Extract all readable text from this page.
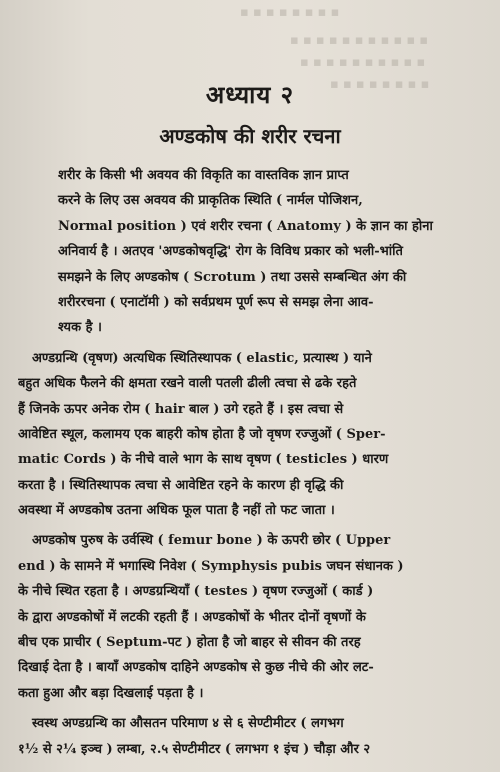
▪ ▪ ▪ ▪ ▪ ▪ ▪ ▪
▪ ▪ ▪ ▪ ▪ ▪ ▪ ▪ ▪ ▪ ▪
▪ ▪ ▪ ▪ ▪ ▪ ▪ ▪ ▪ ▪
▪ ▪ ▪ ▪ ▪ ▪ ▪ ▪
अध्याय २
अण्डकोष की शरीर रचना

शरीर के किसी भी अवयव की विकृति का वास्तविक ज्ञान प्राप्त
करने के लिए उस अवयव की प्राकृतिक स्थिति ( नार्मल पोजिशन,
Normal position ) एवं शरीर रचना ( Anatomy ) के ज्ञान का होना
अनिवार्य है । अतएव 'अण्डकोषवृद्धि' रोग के विविध प्रकार को भली-भांति
समझने के लिए अण्डकोष ( Scrotum ) तथा उससे सम्बन्धित अंग की
शरीररचना ( एनाटॉमी ) को सर्वप्रथम पूर्ण रूप से समझ लेना आव-
श्यक है ।

अण्डग्रन्थि (वृषण) अत्यधिक स्थितिस्थापक ( elastic, प्रत्यास्थ ) याने
बहुत अधिक फैलने की क्षमता रखने वाली पतली ढीली त्वचा से ढके रहते
हैं जिनके ऊपर अनेक रोम ( hair बाल ) उगे रहते हैं । इस त्वचा से
आवेष्टित स्थूल, कलामय एक बाहरी कोष होता है जो वृषण रज्जुओं ( Sper-
matic Cords ) के नीचे वाले भाग के साथ वृषण ( testicles ) धारण
करता है । स्थितिस्थापक त्वचा से आवेष्टित रहने के कारण ही वृद्धि की
अवस्था में अण्डकोष उतना अधिक फूल पाता है नहीं तो फट जाता ।

अण्डकोष पुरुष के उर्वस्थि ( femur bone ) के ऊपरी छोर ( Upper
end ) के सामने में भगास्थि निवेश ( Symphysis pubis जघन संधानक )
के नीचे स्थित रहता है । अण्डग्रन्थियाँ ( testes ) वृषण रज्जुओं ( कार्ड )
के द्वारा अण्डकोषों में लटकी रहती हैं । अण्डकोषों के भीतर दोनों वृषणों के
बीच एक प्राचीर ( Septum-पट ) होता है जो बाहर से सीवन की तरह
दिखाई देता है । बायाँ अण्डकोष दाहिने अण्डकोष से कुछ नीचे की ओर लट-
कता हुआ और बड़ा दिखलाई पड़ता है ।

स्वस्थ अण्डग्रन्थि का औसतन परिमाण ४ से ६ सेण्टीमीटर ( लगभग
१½ से २¼ इञ्च ) लम्बा, २.५ सेण्टीमीटर ( लगभग १ इंच ) चौड़ा और २
